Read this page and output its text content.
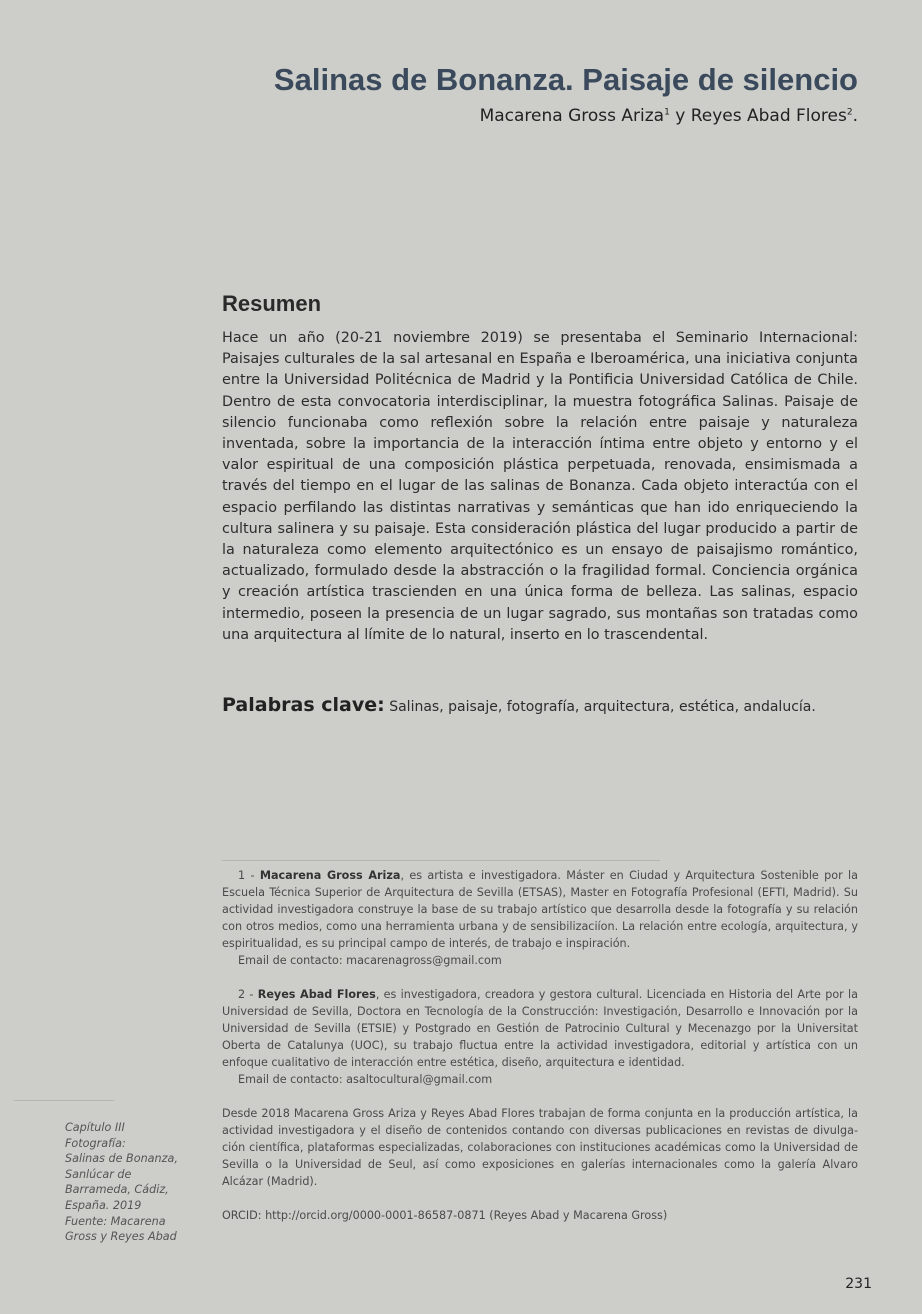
Salinas de Bonanza. Paisaje de silencio
Macarena Gross Ariza$^1$ y Reyes Abad Flores$^2$.
Resumen

Hace un año (20-21 noviembre 2019) se presentaba el Seminario Internacional: Paisajes culturales de la sal artesanal en España e Iberoamérica, una iniciativa conjunta entre la Universidad Politécnica de Madrid y la Pontificia Universidad Católica de Chile. Dentro de esta convocatoria interdisciplinar, la muestra fotográfica Salinas. Paisaje de silencio funcionaba como reflexión sobre la relación entre paisaje y naturaleza inventada, sobre la importancia de la interacción íntima entre objeto y entorno y el valor espiritual de una composición plástica perpetuada, renovada, ensimismada a través del tiempo en el lugar de las salinas de Bonanza. Cada objeto interactúa con el espacio perfilando las distintas narrativas y semánticas que han ido enriqueciendo la cultura salinera y su paisaje. Esta consideración plástica del lugar producido a partir de la naturaleza como elemento arquitectónico es un ensayo de paisajismo romántico, actualizado, formulado desde la abstracción o la fragilidad formal. Conciencia orgánica y creación artística trascienden en una única forma de belleza. Las salinas, espacio intermedio, poseen la presencia de un lugar sagrado, sus montañas son tratadas como una arquitectura al límite de lo natural, inserto en lo trascendental.

Palabras clave: Salinas, paisaje, fotografía, arquitectura, estética, andalucía.

1 - Macarena Gross Ariza, es artista e investigadora. Máster en Ciudad y Arquitectura Sostenible por la Escuela Técnica Superior de Arquitectura de Sevilla (ETSAS), Master en Fotografía Profesional (EFTI, Madrid). Su actividad investigadora construye la base de su trabajo artístico que desarrolla desde la fotografía y su relación con otros medios, como una herramienta urbana y de sensibilizaciíon. La relación entre ecología, arquitectura, y espiritualidad, es su principal campo de interés, de trabajo e inspiración.

Email de contacto: macarenagross@gmail.com

2 - Reyes Abad Flores, es investigadora, creadora y gestora cultural. Licenciada en Historia del Arte por la Universidad de Sevilla, Doctora en Tecnología de la Construcción: Investigación, Desarrollo e Innovación por la Universidad de Sevilla (ETSIE) y Postgrado en Gestión de Patrocinio Cultural y Mecenazgo por la Universitat Oberta de Catalunya (UOC), su trabajo fluctua entre la actividad investigadora, editorial y artística con un enfoque cualitativo de interacción entre estética, diseño, arquitectura e identidad.

Email de contacto: asaltocultural@gmail.com

Desde 2018 Macarena Gross Ariza y Reyes Abad Flores trabajan de forma conjunta en la producción artística, la actividad investigadora y el diseño de contenidos contando con diversas publicaciones en revistas de divulga-ción científica, plataformas especializadas, colaboraciones con instituciones académicas como la Universidad de Sevilla o la Universidad de Seul, así como exposiciones en galerías internacionales como la galería Alvaro Alcázar (Madrid).

ORCID: http://orcid.org/0000-0001-86587-0871 (Reyes Abad y Macarena Gross)

Capítulo III
Fotografía:
Salinas de Bonanza,
Sanlúcar de
Barrameda, Cádiz,
España. 2019
Fuente: Macarena
Gross y Reyes Abad
231
